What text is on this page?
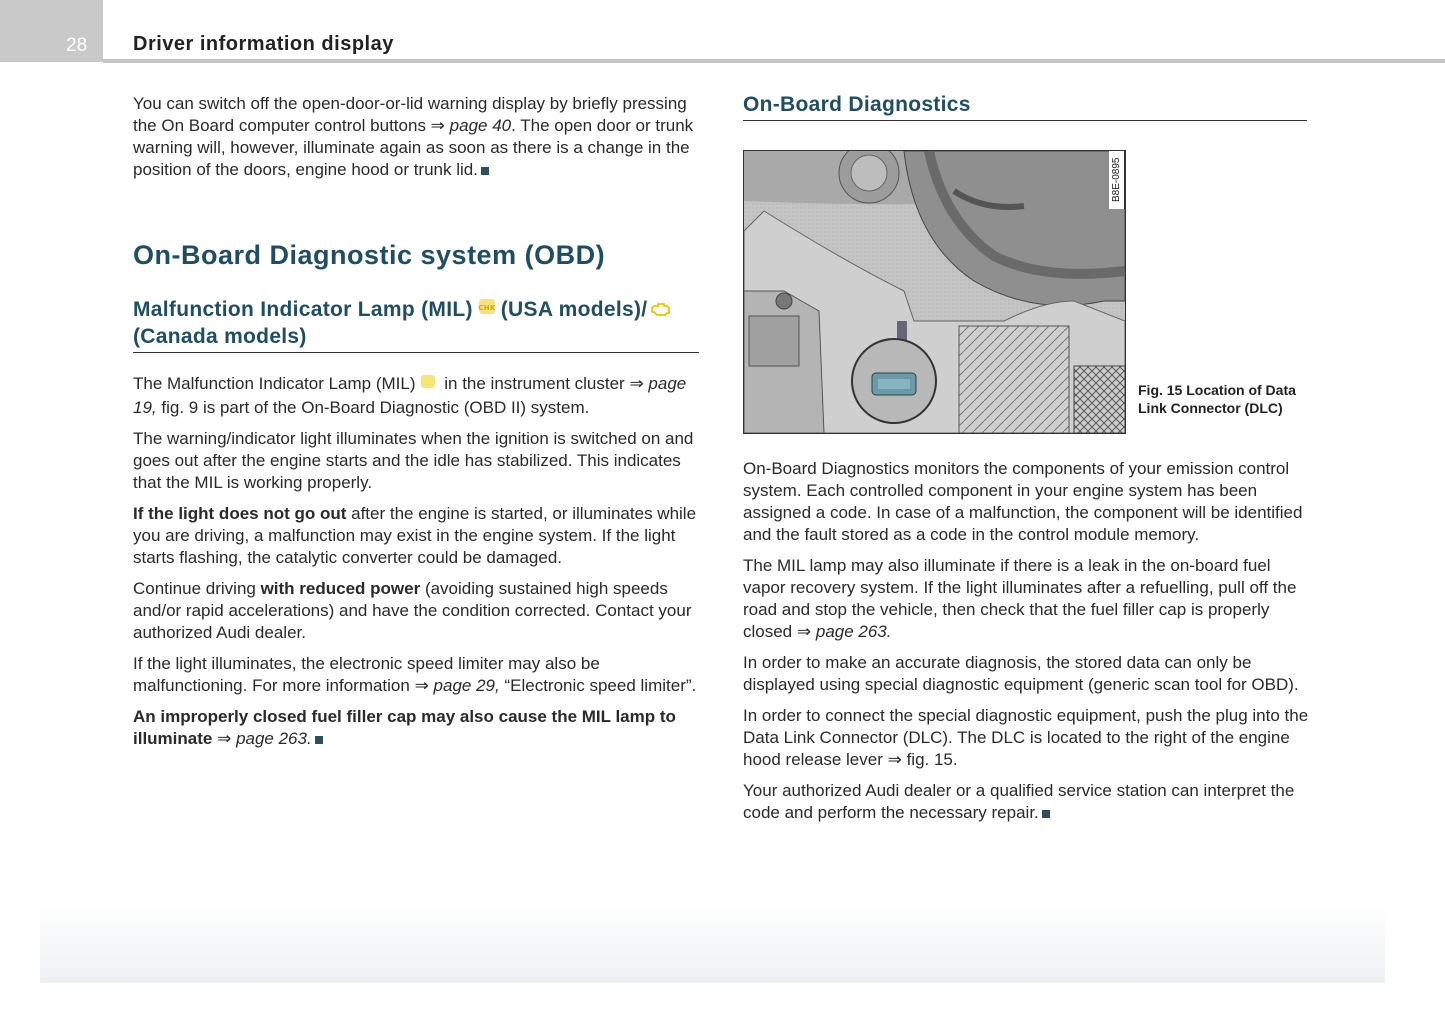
28 Driver information display

You can switch off the open-door-or-lid warning display by briefly pressing the On Board computer control buttons ⇒ page 40. The open door or trunk warning will, however, illuminate again as soon as there is a change in the position of the doors, engine hood or trunk lid.

On-Board Diagnostic system (OBD)
Malfunction Indicator Lamp (MIL) CHK (USA models)/(Canada models)

The Malfunction Indicator Lamp (MIL) in the instrument cluster ⇒ page 19, fig. 9 is part of the On-Board Diagnostic (OBD II) system.

The warning/indicator light illuminates when the ignition is switched on and goes out after the engine starts and the idle has stabilized. This indicates that the MIL is working properly.

If the light does not go out after the engine is started, or illuminates while you are driving, a malfunction may exist in the engine system. If the light starts flashing, the catalytic converter could be damaged.

Continue driving with reduced power (avoiding sustained high speeds and/or rapid accelerations) and have the condition corrected. Contact your authorized Audi dealer.

If the light illuminates, the electronic speed limiter may also be malfunctioning. For more information ⇒ page 29, “Electronic speed limiter”.

An improperly closed fuel filler cap may also cause the MIL lamp to illuminate ⇒ page 263.

On-Board Diagnostics
B8E-0895
Fig. 15 Location of Data Link Connector (DLC)

On-Board Diagnostics monitors the components of your emission control system. Each controlled component in your engine system has been assigned a code. In case of a malfunction, the component will be identified and the fault stored as a code in the control module memory.

The MIL lamp may also illuminate if there is a leak in the on-board fuel vapor recovery system. If the light illuminates after a refuelling, pull off the road and stop the vehicle, then check that the fuel filler cap is properly closed ⇒ page 263.

In order to make an accurate diagnosis, the stored data can only be displayed using special diagnostic equipment (generic scan tool for OBD).

In order to connect the special diagnostic equipment, push the plug into the Data Link Connector (DLC). The DLC is located to the right of the engine hood release lever ⇒ fig. 15.

Your authorized Audi dealer or a qualified service station can interpret the code and perform the necessary repair.
